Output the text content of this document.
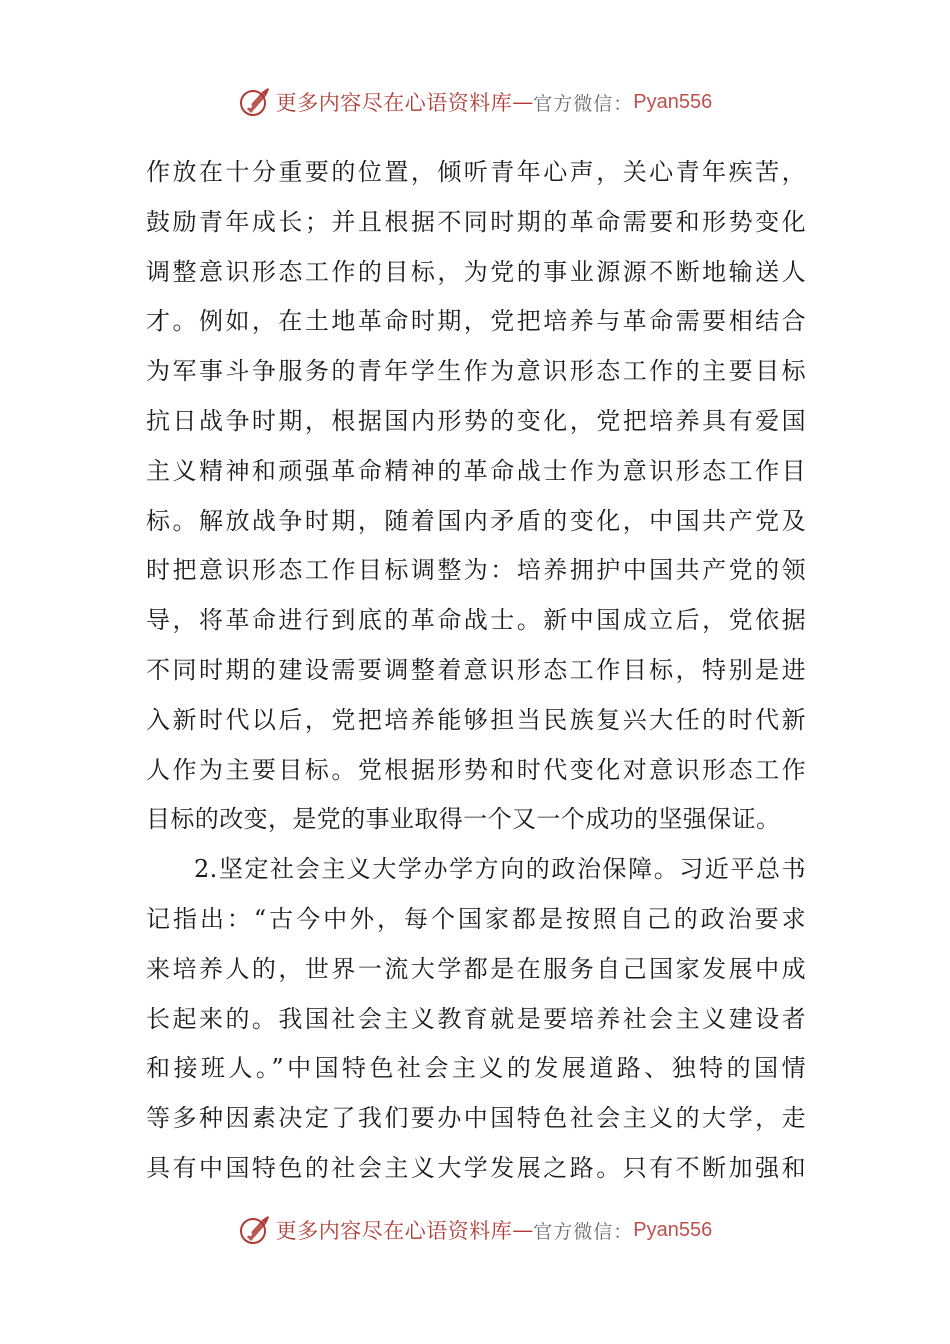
更多内容尽在心语资料库 — 官方微信： Pyan556
作放在十分重要的位置，倾听青年心声，关心青年疾苦，
鼓励青年成长；并且根据不同时期的革命需要和形势变化
调整意识形态工作的目标，为党的事业源源不断地输送人
才。例如，在土地革命时期，党把培养与革命需要相结合
为军事斗争服务的青年学生作为意识形态工作的主要目标
抗日战争时期，根据国内形势的变化，党把培养具有爱国
主义精神和顽强革命精神的革命战士作为意识形态工作目
标。解放战争时期，随着国内矛盾的变化，中国共产党及
时把意识形态工作目标调整为：培养拥护中国共产党的领
导，将革命进行到底的革命战士。新中国成立后，党依据
不同时期的建设需要调整着意识形态工作目标，特别是进
入新时代以后，党把培养能够担当民族复兴大任的时代新
人作为主要目标。党根据形势和时代变化对意识形态工作
目标的改变，是党的事业取得一个又一个成功的坚强保证。
2.坚定社会主义大学办学方向的政治保障。习近平总书
记指出：“古今中外，每个国家都是按照自己的政治要求
来培养人的，世界一流大学都是在服务自己国家发展中成
长起来的。我国社会主义教育就是要培养社会主义建设者
和接班人。”中国特色社会主义的发展道路、独特的国情
等多种因素决定了我们要办中国特色社会主义的大学，走
具有中国特色的社会主义大学发展之路。只有不断加强和
更多内容尽在心语资料库 — 官方微信： Pyan556
